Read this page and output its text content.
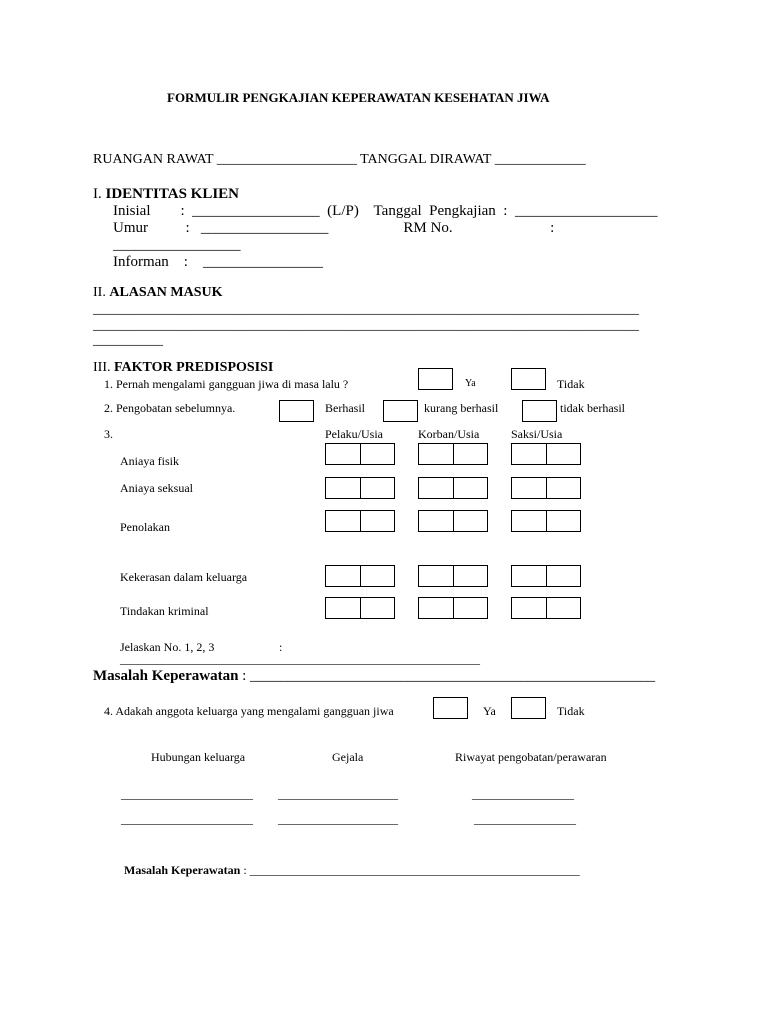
FORMULIR PENGKAJIAN KEPERAWATAN KESEHATAN JIWA
RUANGAN RAWAT ____________________ TANGGAL DIRAWAT _____________
I. IDENTITAS KLIEN
Inisial        :  _________________  (L/P)    Tanggal  Pengkajian  :  ___________________
Umur          :   _________________                    RM No.                          :
_________________
Informan    :    ________________
II. ALASAN MASUK
______________________________________________________________________________
______________________________________________________________________________
__________
III. FAKTOR PREDISPOSISI
1. Pernah mengalami gangguan jiwa di masa lalu ?	Ya	Tidak
2. Pengobatan sebelumnya.	Berhasil	kurang berhasil	tidak berhasil
3.	Pelaku/Usia	Korban/Usia	Saksi/Usia
Aniaya fisik
Aniaya seksual
Penolakan
Kekerasan dalam keluarga
Tindakan kriminal
Jelaskan No. 1, 2, 3	:
____________________________________________________________
Masalah Keperawatan : ______________________________________________________
4. Adakah anggota keluarga yang mengalami gangguan jiwa	Ya	Tidak
Hubungan keluarga	Gejala	Riwayat pengobatan/perawaran
______________________ ____________________	_________________
______________________ ____________________	_________________
Masalah Keperawatan : _______________________________________________________
